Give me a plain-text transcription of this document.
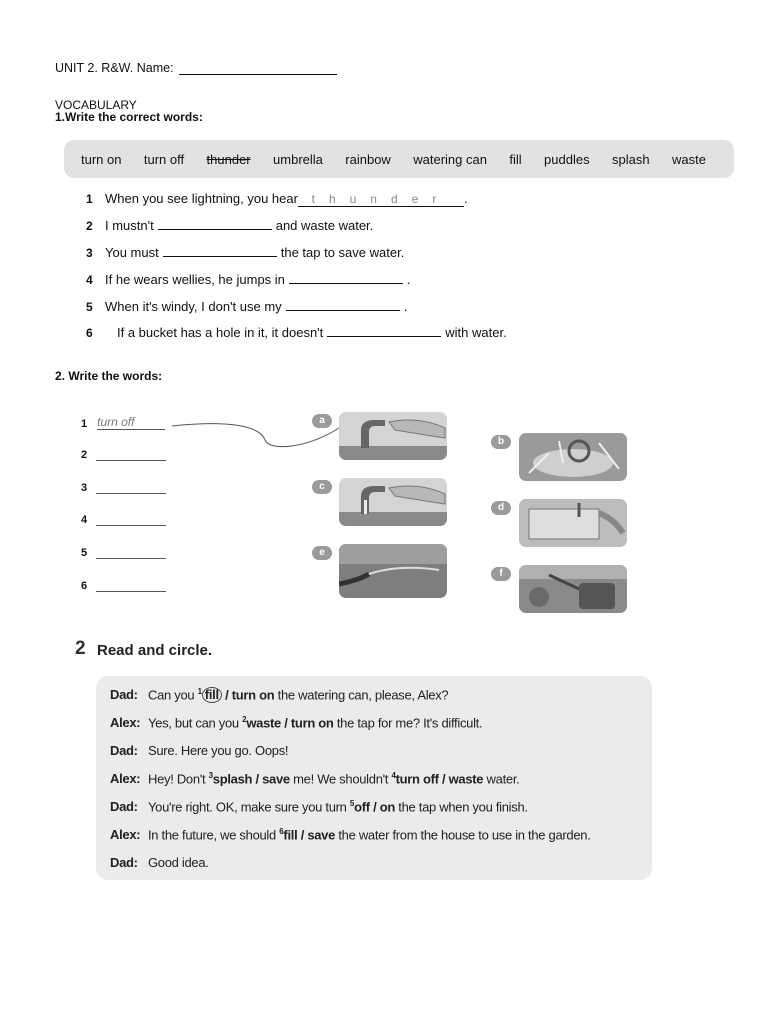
UNIT 2. R&W. Name:
VOCABULARY
1.Write the correct words:
turn on turn off thunder umbrella rainbow watering can fill puddles splash waste
1 When you see lightning, you hear	thunder	.
2 I mustn't	and waste water.
3 You must	the tap to save water.
4 If he wears wellies, he jumps in	.
5 When it's windy, I don't use my	.
6	If a bucket has a hole in it, it doesn't	with water.
2. Write the words:
1 turn off
2
3
4
5
6
a
b
c
d
e
f
2 Read and circle.
Dad: Can you $^1$ fill / turn on the watering can, please, Alex?
Alex: Yes, but can you $^2$waste / turn on the tap for me? It's difficult.
Dad: Sure. Here you go. Oops!
Alex: Hey! Don't $^3$splash / save me! We shouldn't $^4$turn off / waste water.
Dad: You're right. OK, make sure you turn $^5$off / on the tap when you finish.
Alex: In the future, we should $^6$fill / save the water from the house to use in the garden.
Dad: Good idea.
